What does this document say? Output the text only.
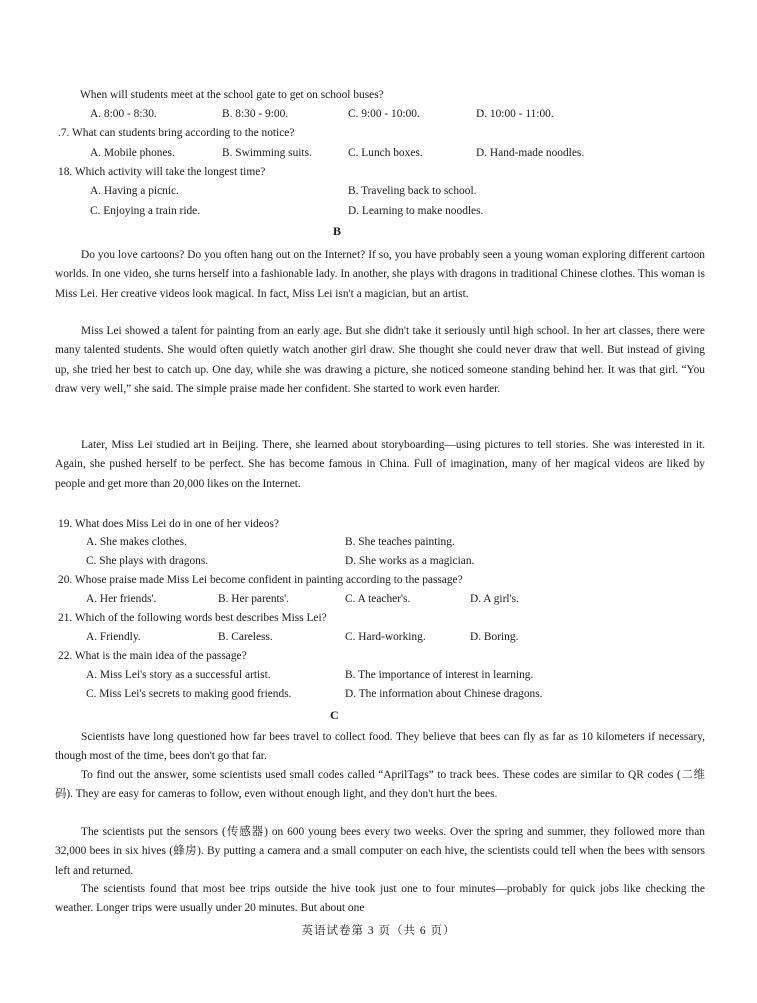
When will students meet at the school gate to get on school buses?
A. 8:00 - 8:30.	B. 8:30 - 9:00.	C. 9:00 - 10:00.	D. 10:00 - 11:00.
.7. What can students bring according to the notice?
A. Mobile phones.	B. Swimming suits.	C. Lunch boxes.	D. Hand-made noodles.
18. Which activity will take the longest time?
A. Having a picnic.	B. Traveling back to school.
C. Enjoying a train ride.	D. Learning to make noodles.
B
Do you love cartoons? Do you often hang out on the Internet? If so, you have probably seen a young woman exploring different cartoon worlds. In one video, she turns herself into a fashionable lady. In another, she plays with dragons in traditional Chinese clothes. This woman is Miss Lei. Her creative videos look magical. In fact, Miss Lei isn't a magician, but an artist.
Miss Lei showed a talent for painting from an early age. But she didn't take it seriously until high school. In her art classes, there were many talented students. She would often quietly watch another girl draw. She thought she could never draw that well. But instead of giving up, she tried her best to catch up. One day, while she was drawing a picture, she noticed someone standing behind her. It was that girl. “You draw very well,” she said. The simple praise made her confident. She started to work even harder.
Later, Miss Lei studied art in Beijing. There, she learned about storyboarding—using pictures to tell stories. She was interested in it. Again, she pushed herself to be perfect. She has become famous in China. Full of imagination, many of her magical videos are liked by people and get more than 20,000 likes on the Internet.
19. What does Miss Lei do in one of her videos?
A. She makes clothes.	B. She teaches painting.
C. She plays with dragons.	D. She works as a magician.
20. Whose praise made Miss Lei become confident in painting according to the passage?
A. Her friends'.	B. Her parents'.	C. A teacher's.	D. A girl's.
21. Which of the following words best describes Miss Lei?
A. Friendly.	B. Careless.	C. Hard-working.	D. Boring.
22. What is the main idea of the passage?
A. Miss Lei's story as a successful artist.	B. The importance of interest in learning.
C. Miss Lei's secrets to making good friends.	D. The information about Chinese dragons.
C
Scientists have long questioned how far bees travel to collect food. They believe that bees can fly as far as 10 kilometers if necessary, though most of the time, bees don't go that far.
To find out the answer, some scientists used small codes called “AprilTags” to track bees. These codes are similar to QR codes (二维码). They are easy for cameras to follow, even without enough light, and they don't hurt the bees.
The scientists put the sensors (传感器) on 600 young bees every two weeks. Over the spring and summer, they followed more than 32,000 bees in six hives (蜂房). By putting a camera and a small computer on each hive, the scientists could tell when the bees with sensors left and returned.
The scientists found that most bee trips outside the hive took just one to four minutes—probably for quick jobs like checking the weather. Longer trips were usually under 20 minutes. But about one
英语试卷第 3 页（共 6 页）
